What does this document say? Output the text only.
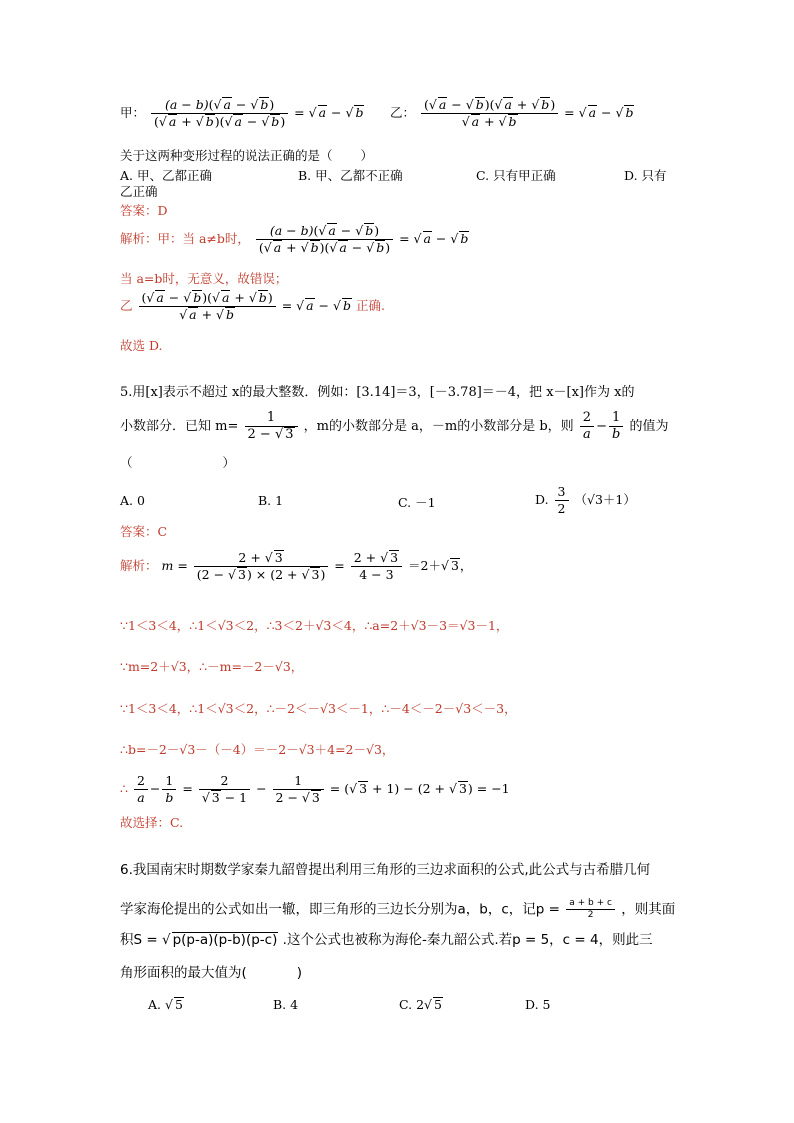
甲： $\frac{(a - b)(√ a - √ b)}{(√ a + √ b)(√ a - √ b)}$ = √ a − √ b 乙： $\frac{(√ a - √ b)(√ a + √ b)}{√ a + √ b}$ = √ a − √ b
关于这两种变形过程的说法正确的是（ ）
A. 甲、乙都正确	B. 甲、乙都不正确	C. 只有甲正确	D. 只有
乙正确
答案：D
解析：甲：当 a≠b时， $\frac{(a - b)(√ a - √ b)}{(√ a + √ b)(√ a - √ b)}$ = √ a − √ b
当 a=b时，无意义，故错误；
乙 $\frac{(√ a - √ b)(√ a + √ b)}{√ a + √ b}$ = √ a − √ b 正确.
故选 D.
5.用[x]表示不超过 x的最大整数．例如：[3.14]＝3，[－3.78]＝－4，把 x－[x]作为 x的
小数部分．已知 $m= \frac{1}{2 - √ 3}$ ，m的小数部分是 a，－m的小数部分是 b，则 $\frac{2}{a} - \frac{1}{b}$ 的值为
（	）
A. 0	B. 1	C. －1	D. $\frac{3}{2} (√3+1)$
答案：C
解析： $m = \frac{2 + √ 3}{(2 - √ 3) \times (2 + √ 3)} = \frac{2 + √ 3}{4 - 3} =2+√$ 3，
∵1＜3＜4，∴1＜√3＜2，∴3＜2＋√3＜4，∴a=2＋√3－3＝√3－1，
∵m=2＋√3，∴－m=－2－√3，
∵1＜3＜4，∴1＜√3＜2，∴－2＜－√3＜－1，∴－4＜－2－√3＜－3，
∴b=－2－√3－（－4）＝－2－√3＋4=2－√3，
∴ $\frac{2}{a} - \frac{1}{b} = \frac{2}{√ 3 - 1} - \frac{1}{2 - √ 3}$ = (√ 3 + 1) − (2 + √ 3) = −1
故选择：C.
6.我国南宋时期数学家秦九韶曾提出利用三角形的三边求面积的公式,此公式与古希腊几何
学家海伦提出的公式如出一辙，即三角形的三边长分别为a，b，c，记$p = \frac{a + b + c}{2}$ ，则其面
积S = √ p(p-a)(p-b)(p-c) .这个公式也被称为海伦-秦九韶公式.若p = 5，c = 4，则此三
角形面积的最大值为(	)
A. √ 5	B. 4	C. 2√ 5	D. 5
